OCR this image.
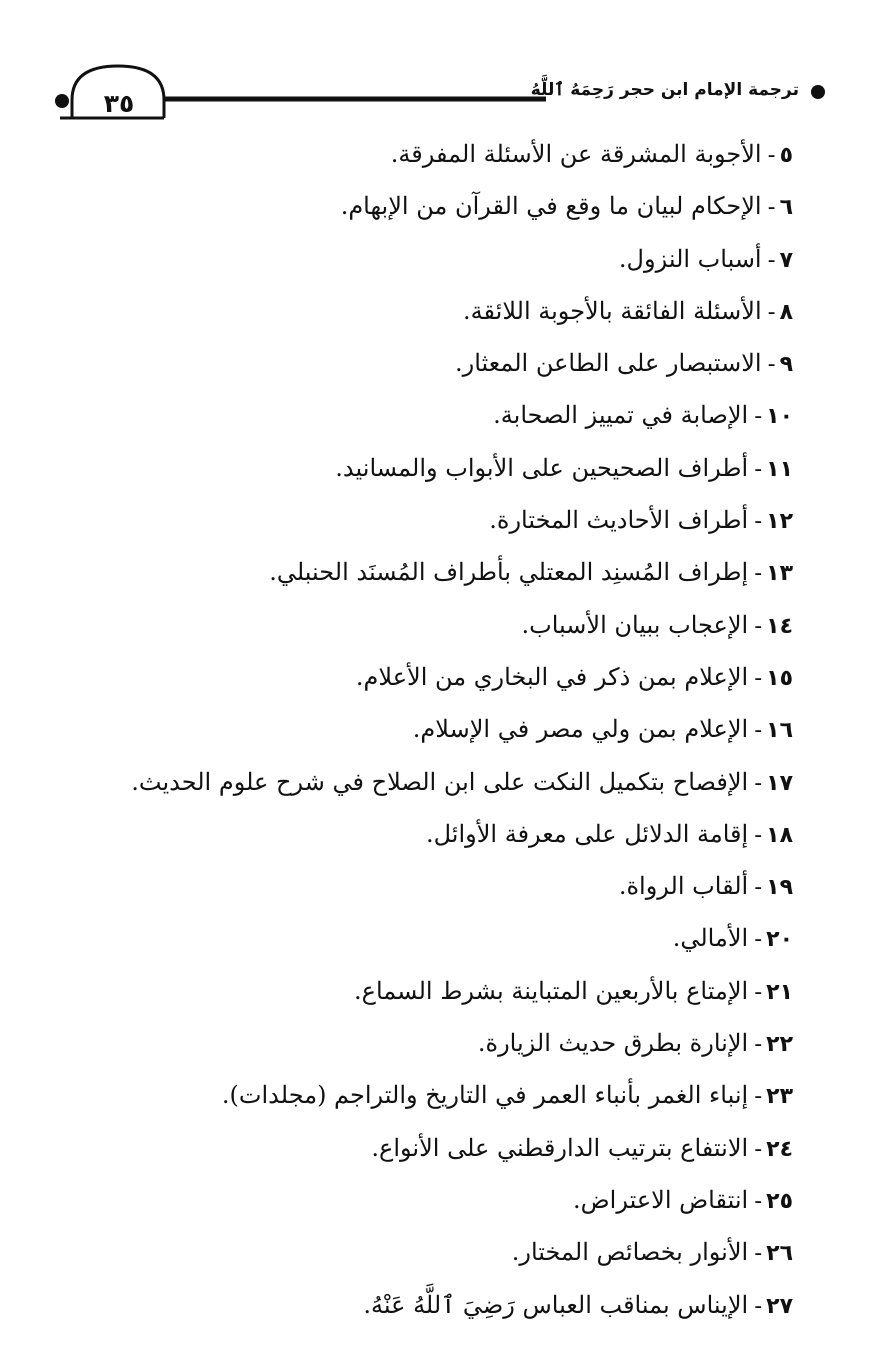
٣٥	ترجمة الإمام ابن حجر رَحِمَهُ ٱللَّهُ
٥-الأجوبة المشرقة عن الأسئلة المفرقة.
٦-الإحكام لبيان ما وقع في القرآن من الإبهام.
٧-أسباب النزول.
٨-الأسئلة الفائقة بالأجوبة اللائقة.
٩-الاستبصار على الطاعن المعثار.
١٠-الإصابة في تمييز الصحابة.
١١-أطراف الصحيحين على الأبواب والمسانيد.
١٢-أطراف الأحاديث المختارة.
١٣-إطراف المُسنِد المعتلي بأطراف المُسنَد الحنبلي.
١٤-الإعجاب ببيان الأسباب.
١٥-الإعلام بمن ذكر في البخاري من الأعلام.
١٦-الإعلام بمن ولي مصر في الإسلام.
١٧-الإفصاح بتكميل النكت على ابن الصلاح في شرح علوم الحديث.
١٨-إقامة الدلائل على معرفة الأوائل.
١٩-ألقاب الرواة.
٢٠-الأمالي.
٢١-الإمتاع بالأربعين المتباينة بشرط السماع.
٢٢-الإنارة بطرق حديث الزيارة.
٢٣-إنباء الغمر بأنباء العمر في التاريخ والتراجم (مجلدات).
٢٤-الانتفاع بترتيب الدارقطني على الأنواع.
٢٥-انتقاض الاعتراض.
٢٦-الأنوار بخصائص المختار.
٢٧-الإيناس بمناقب العباس رَضِيَ ٱللَّهُ عَنْهُ.
